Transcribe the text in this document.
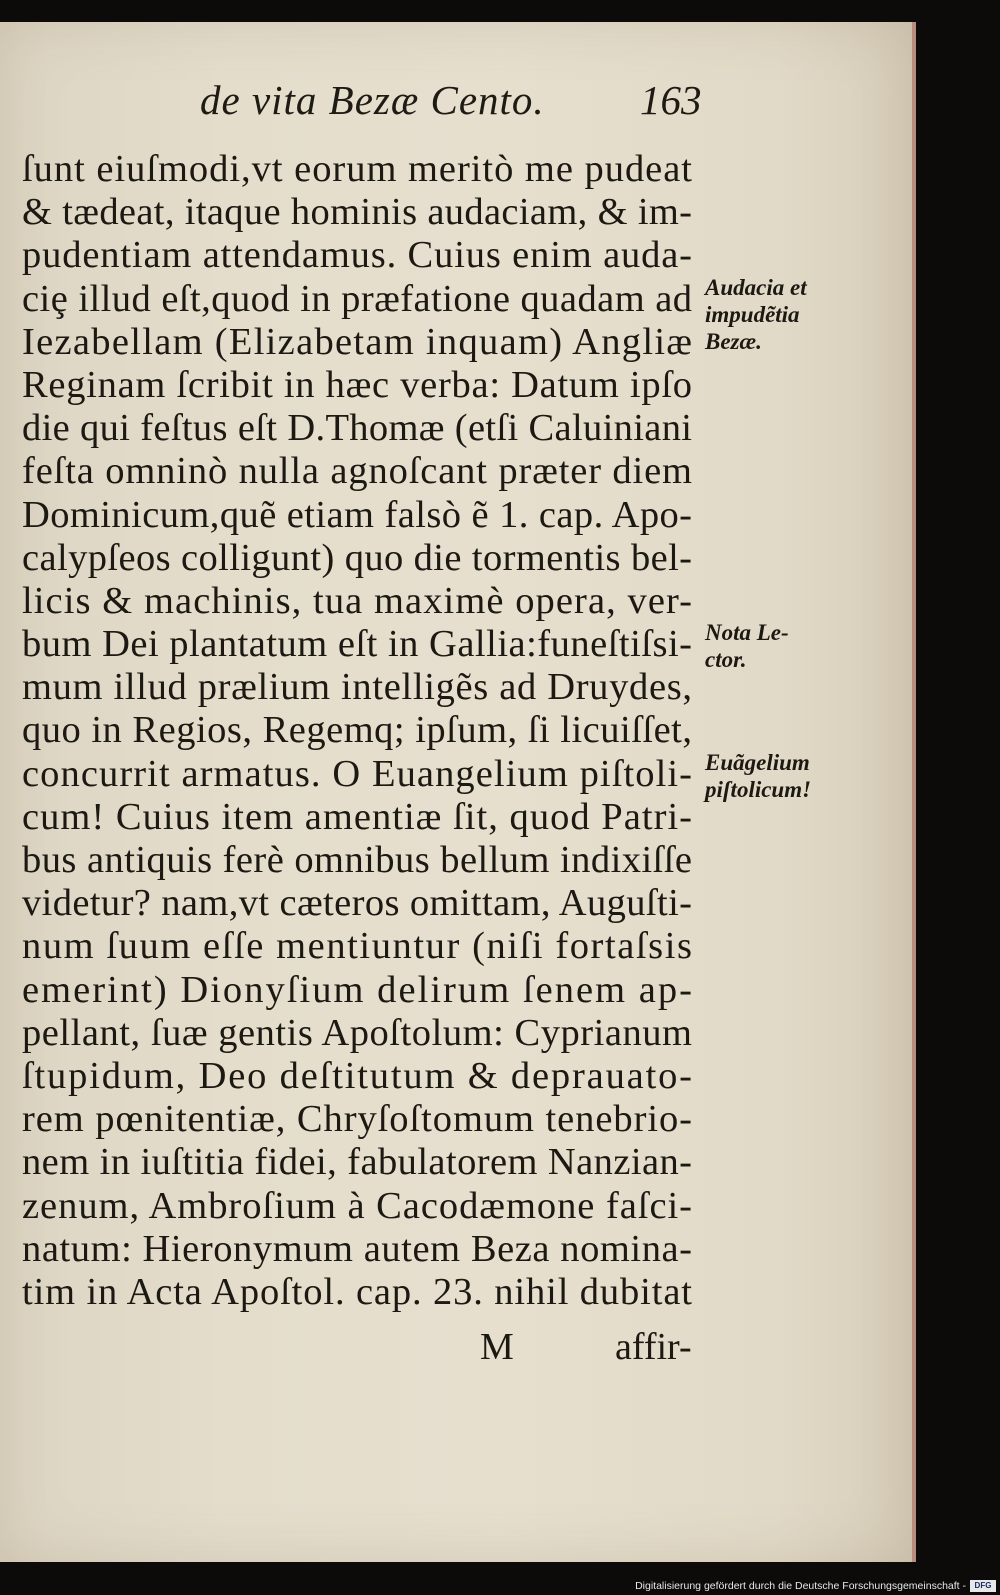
de vita Bezæ Cento. 163
ſunt eiuſmodi,vt eorum meritò me pudeat
& tædeat, itaque hominis audaciam, & im-
pudentiam attendamus. Cuius enim auda-
ciȩ illud eſt,quod in præfatione quadam ad
Iezabellam (Elizabetam inquam) Angliæ
Reginam ſcribit in hæc verba: Datum ipſo
die qui feſtus eſt D.Thomæ (etſi Caluiniani
feſta omninò nulla agnoſcant præter diem
Dominicum,quẽ etiam falsò ẽ 1. cap. Apo-
calypſeos colligunt) quo die tormentis bel-
licis & machinis, tua maximè opera, ver-
bum Dei plantatum eſt in Gallia:funeſtiſsi-
mum illud prælium intelligẽs ad Druydes,
quo in Regios, Regemq; ipſum, ſi licuiſſet,
concurrit armatus. O Euangelium piſtoli-
cum! Cuius item amentiæ ſit, quod Patri-
bus antiquis ferè omnibus bellum indixiſſe
videtur? nam,vt cæteros omittam, Auguſti-
num ſuum eſſe mentiuntur (niſi fortaſsis
emerint) Dionyſium delirum ſenem ap-
pellant, ſuæ gentis Apoſtolum: Cyprianum
ſtupidum, Deo deſtitutum & deprauato-
rem pœnitentiæ, Chryſoſtomum tenebrio-
nem in iuſtitia fidei, fabulatorem Nanzian-
zenum, Ambroſium à Cacodæmone faſci-
natum: Hieronymum autem Beza nomina-
tim in Acta Apoſtol. cap. 23. nihil dubitat
Audacia et
impudẽtia
Bezæ.
Nota Le-
ctor.
Euãgelium
piſtolicum!
M	affir-
Digitalisierung gefördert durch die Deutsche Forschungsgemeinschaft -	DFG
